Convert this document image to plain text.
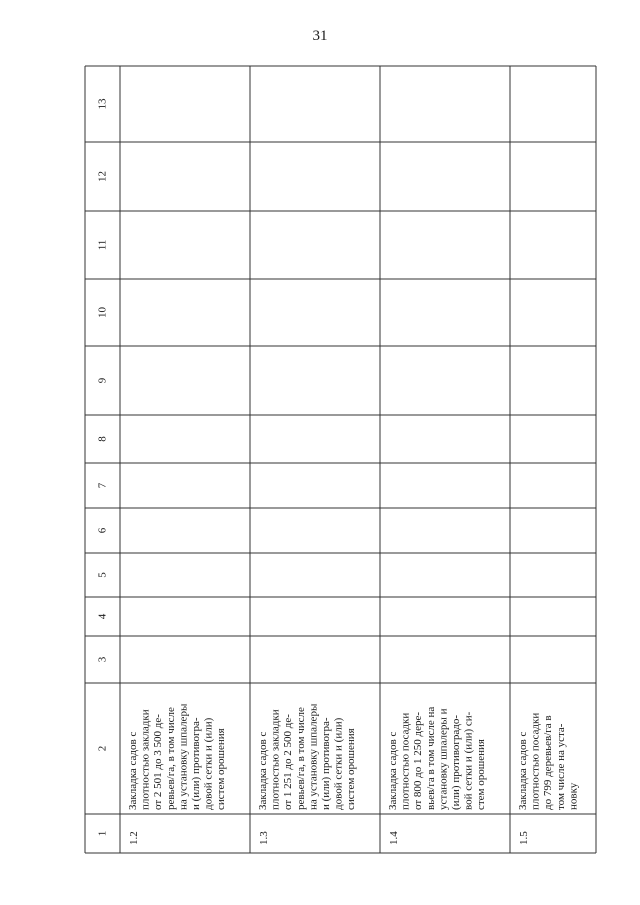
31
1
2
3
4
5
6
7
8
9
10
11
12
13
1.2
Закладка садов с плотностью закладки от 2 501 до 3 500 де- ревьев/га, в том числе на установку шпалеры и (или) противогра- довой сетки и (или) систем орошения
1.3
Закладка садов с плотностью закладки от 1 251 до 2 500 де- ревьев/га, в том числе на установку шпалеры и (или) противогра- довой сетки и (или) систем орошения
1.4
Закладка садов с плотностью посадки от 800 до 1 250 дере- вьев/га в том числе на установку шпалеры и (или) противоградо- вой сетки и (или) си- стем орошения
1.5
Закладка садов с плотностью посадки до 799 деревьев/га в том числе на уста- новку
